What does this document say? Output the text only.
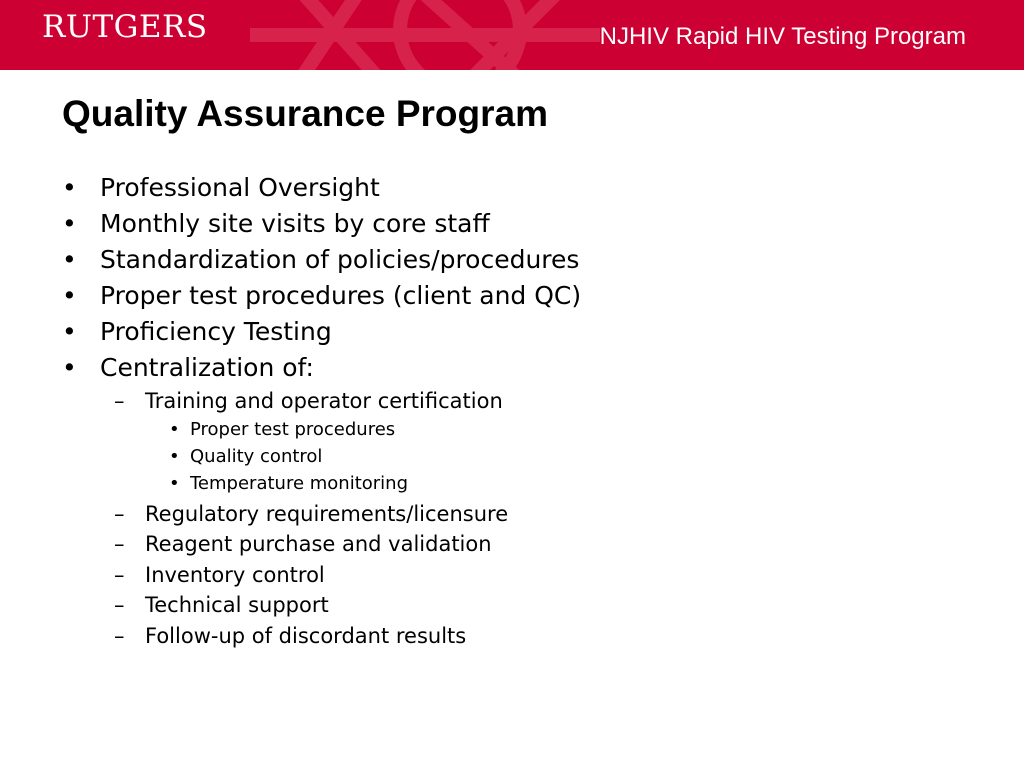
RUTGERS	NJHIV Rapid HIV Testing Program
Quality Assurance Program
• Professional Oversight
• Monthly site visits by core staff
• Standardization of policies/procedures
• Proper test procedures (client and QC)
• Proficiency Testing
• Centralization of:
– Training and operator certification
• Proper test procedures
• Quality control
• Temperature monitoring
– Regulatory requirements/licensure
– Reagent purchase and validation
– Inventory control
– Technical support
– Follow-up of discordant results
